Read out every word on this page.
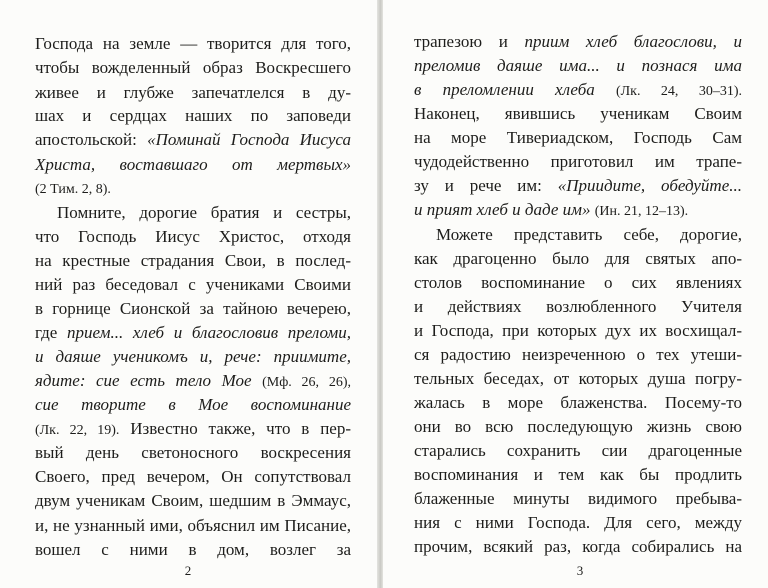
Господа на земле — творится для того,
чтобы вожделенный образ Воскресшего
живее и глубже запечатлелся в ду-
шах и сердцах наших по заповеди
апостольской: «Поминай Господа Иисуса
Христа, воставшаго от мертвых»
(2 Тим. 2, 8).
Помните, дорогие братия и сестры,
что Господь Иисус Христос, отходя
на крестные страдания Свои, в послед-
ний раз беседовал с учениками Своими
в горнице Сионской за тайною вечерею,
где прием... хлеб и благословив преломи,
и даяше ученикомъ и, рече: приимите,
ядите: сие есть тело Мое (Мф. 26, 26),
сие творите в Мое воспоминание
(Лк. 22, 19). Известно также, что в пер-
вый день светоносного воскресения
Своего, пред вечером, Он сопутствовал
двум ученикам Своим, шедшим в Эммаус,
и, не узнанный ими, объяснил им Писание,
вошел с ними в дом, возлег за
2
трапезою и приим хлеб благослови, и
преломив даяше има... и познася има
в преломлении хлеба (Лк. 24, 30–31).
Наконец, явившись ученикам Своим
на море Тивериадском, Господь Сам
чудодейственно приготовил им трапе-
зу и рече им: «Приидите, обедуйте...
и прият хлеб и даде им» (Ин. 21, 12–13).
Можете представить себе, дорогие,
как драгоценно было для святых апо-
столов воспоминание о сих явлениях
и действиях возлюбленного Учителя
и Господа, при которых дух их восхищал-
ся радостию неизреченною о тех утеши-
тельных беседах, от которых душа погру-
жалась в море блаженства. Посему-то
они во всю последующую жизнь свою
старались сохранить сии драгоценные
воспоминания и тем как бы продлить
блаженные минуты видимого пребыва-
ния с ними Господа. Для сего, между
прочим, всякий раз, когда собирались на
3
